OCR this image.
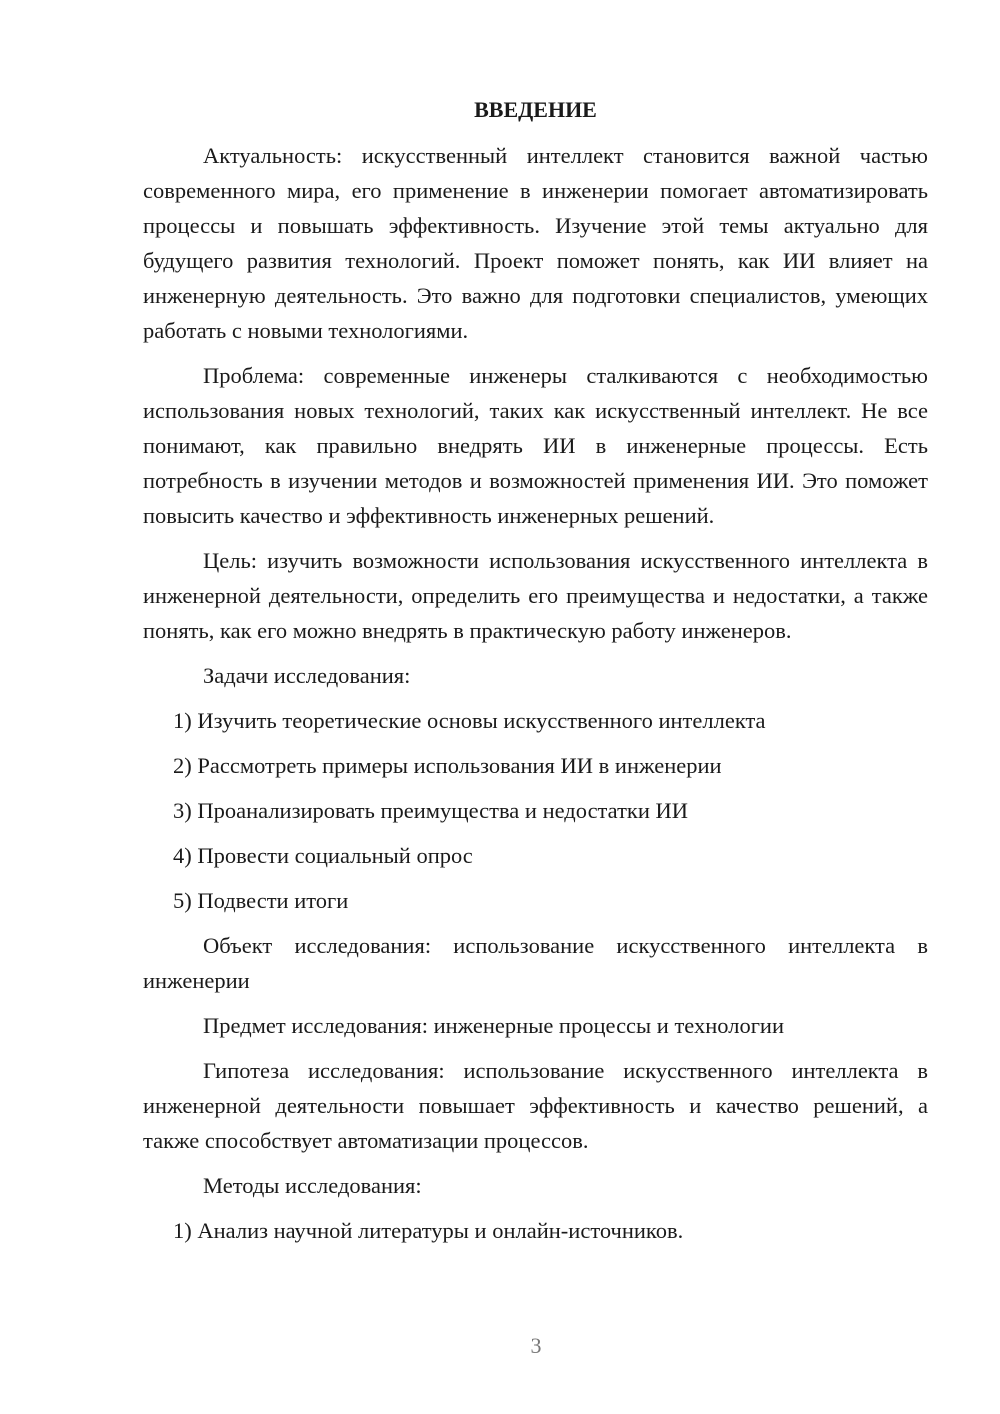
ВВЕДЕНИЕ

Актуальность: искусственный интеллект становится важной частью современного мира, его применение в инженерии помогает автоматизировать процессы и повышать эффективность. Изучение этой темы актуально для будущего развития технологий. Проект поможет понять, как ИИ влияет на инженерную деятельность. Это важно для подготовки специалистов, умеющих работать с новыми технологиями.

Проблема: современные инженеры сталкиваются с необходимостью использования новых технологий, таких как искусственный интеллект. Не все понимают, как правильно внедрять ИИ в инженерные процессы. Есть потребность в изучении методов и возможностей применения ИИ. Это поможет повысить качество и эффективность инженерных решений.

Цель: изучить возможности использования искусственного интеллекта в инженерной деятельности, определить его преимущества и недостатки, а также понять, как его можно внедрять в практическую работу инженеров.

Задачи исследования:

1) Изучить теоретические основы искусственного интеллекта

2) Рассмотреть примеры использования ИИ в инженерии

3) Проанализировать преимущества и недостатки ИИ

4) Провести социальный опрос

5) Подвести итоги

Объект исследования: использование искусственного интеллекта в инженерии

Предмет исследования: инженерные процессы и технологии

Гипотеза исследования: использование искусственного интеллекта в инженерной деятельности повышает эффективность и качество решений, а также способствует автоматизации процессов.

Методы исследования:

1) Анализ научной литературы и онлайн-источников.

3
